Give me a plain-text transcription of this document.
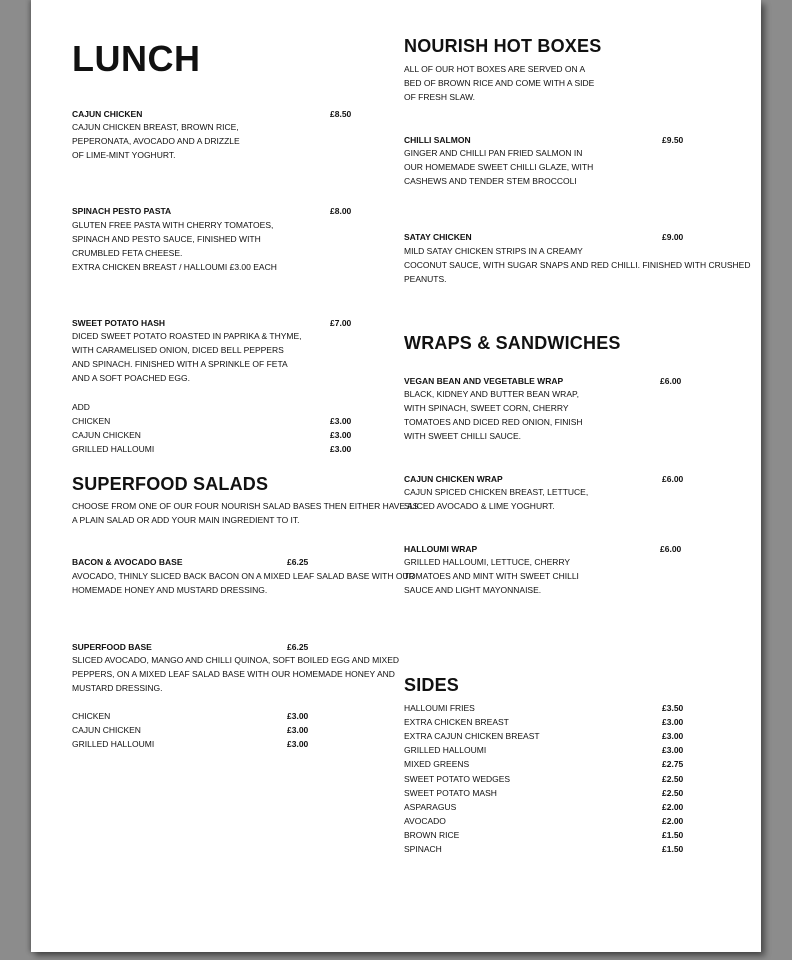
LUNCH
CAJUN CHICKEN	£8.50
CAJUN CHICKEN BREAST, BROWN RICE,
PEPERONATA, AVOCADO AND A DRIZZLE
OF LIME-MINT YOGHURT.
SPINACH PESTO PASTA	£8.00
GLUTEN FREE PASTA WITH CHERRY TOMATOES,
SPINACH AND PESTO SAUCE, FINISHED WITH
CRUMBLED FETA CHEESE.
EXTRA CHICKEN BREAST / HALLOUMI £3.00 EACH
SWEET POTATO HASH	£7.00
DICED SWEET POTATO ROASTED IN PAPRIKA & THYME,
WITH CARAMELISED ONION, DICED BELL PEPPERS
AND SPINACH. FINISHED WITH A SPRINKLE OF FETA
AND A SOFT POACHED EGG.
ADD
CHICKEN	£3.00
CAJUN CHICKEN	£3.00
GRILLED HALLOUMI	£3.00
SUPERFOOD SALADS
CHOOSE FROM ONE OF OUR FOUR NOURISH SALAD BASES THEN EITHER HAVE AS
A PLAIN SALAD OR ADD YOUR MAIN INGREDIENT TO IT.
BACON & AVOCADO BASE	£6.25
AVOCADO, THINLY SLICED BACK BACON ON A MIXED LEAF SALAD BASE WITH OUR
HOMEMADE HONEY AND MUSTARD DRESSING.
SUPERFOOD BASE	£6.25
SLICED AVOCADO, MANGO AND CHILLI QUINOA, SOFT BOILED EGG AND MIXED
PEPPERS, ON A MIXED LEAF SALAD BASE WITH OUR HOMEMADE HONEY AND
MUSTARD DRESSING.
CHICKEN	£3.00
CAJUN CHICKEN	£3.00
GRILLED HALLOUMI	£3.00
NOURISH HOT BOXES
ALL OF OUR HOT BOXES ARE SERVED ON A
BED OF BROWN RICE AND COME WITH A SIDE
OF FRESH SLAW.
CHILLI SALMON	£9.50
GINGER AND CHILLI PAN FRIED SALMON IN
OUR HOMEMADE SWEET CHILLI GLAZE, WITH
CASHEWS AND TENDER STEM BROCCOLI
SATAY CHICKEN	£9.00
MILD SATAY CHICKEN STRIPS IN A CREAMY
COCONUT SAUCE, WITH SUGAR SNAPS AND RED CHILLI. FINISHED WITH CRUSHED
PEANUTS.
WRAPS & SANDWICHES
VEGAN BEAN AND VEGETABLE WRAP	£6.00
BLACK, KIDNEY AND BUTTER BEAN WRAP,
WITH SPINACH, SWEET CORN, CHERRY
TOMATOES AND DICED RED ONION, FINISH
WITH SWEET CHILLI SAUCE.
CAJUN CHICKEN WRAP	£6.00
CAJUN SPICED CHICKEN BREAST, LETTUCE,
SLICED AVOCADO & LIME YOGHURT.
HALLOUMI WRAP	£6.00
GRILLED HALLOUMI, LETTUCE, CHERRY
TOMATOES AND MINT WITH SWEET CHILLI
SAUCE AND LIGHT MAYONNAISE.
SIDES
HALLOUMI FRIES	£3.50
EXTRA CHICKEN BREAST	£3.00
EXTRA CAJUN CHICKEN BREAST	£3.00
GRILLED HALLOUMI	£3.00
MIXED GREENS	£2.75
SWEET POTATO WEDGES	£2.50
SWEET POTATO MASH	£2.50
ASPARAGUS	£2.00
AVOCADO	£2.00
BROWN RICE	£1.50
SPINACH	£1.50
